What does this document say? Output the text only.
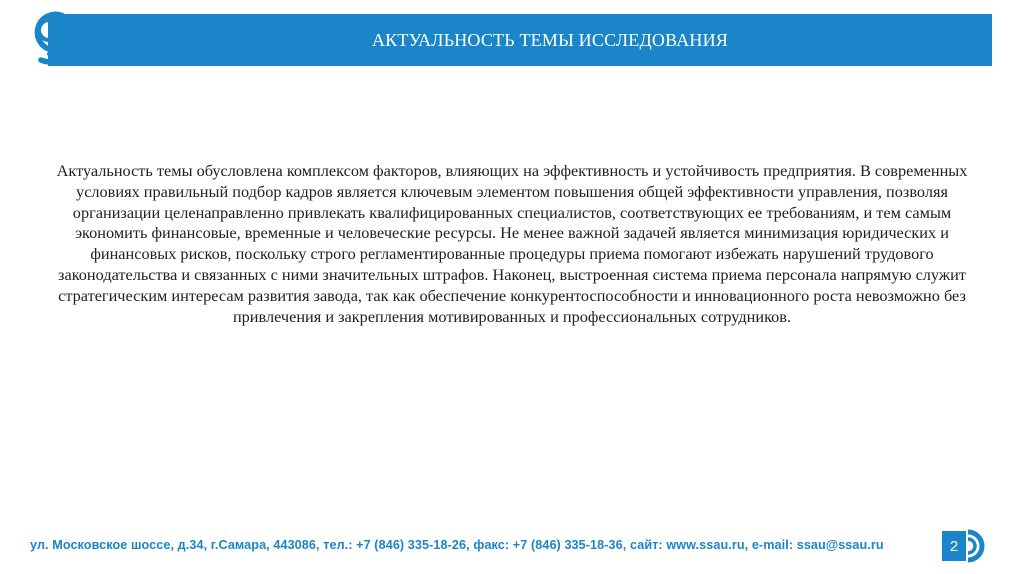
АКТУАЛЬНОСТЬ ТЕМЫ ИССЛЕДОВАНИЯ
Актуальность темы обусловлена комплексом факторов, влияющих на эффективность и устойчивость предприятия. В современных условиях правильный подбор кадров является ключевым элементом повышения общей эффективности управления, позволяя организации целенаправленно привлекать квалифицированных специалистов, соответствующих ее требованиям, и тем самым экономить финансовые, временные и человеческие ресурсы. Не менее важной задачей является минимизация юридических и финансовых рисков, поскольку строго регламентированные процедуры приема помогают избежать нарушений трудового законодательства и связанных с ними значительных штрафов. Наконец, выстроенная система приема персонала напрямую служит стратегическим интересам развития завода, так как обеспечение конкурентоспособности и инновационного роста невозможно без привлечения и закрепления мотивированных и профессиональных сотрудников.
ул. Московское шоссе, д.34, г.Самара, 443086, тел.: +7 (846) 335-18-26, факс: +7 (846) 335-18-36, сайт: www.ssau.ru, e-mail: ssau@ssau.ru	2
